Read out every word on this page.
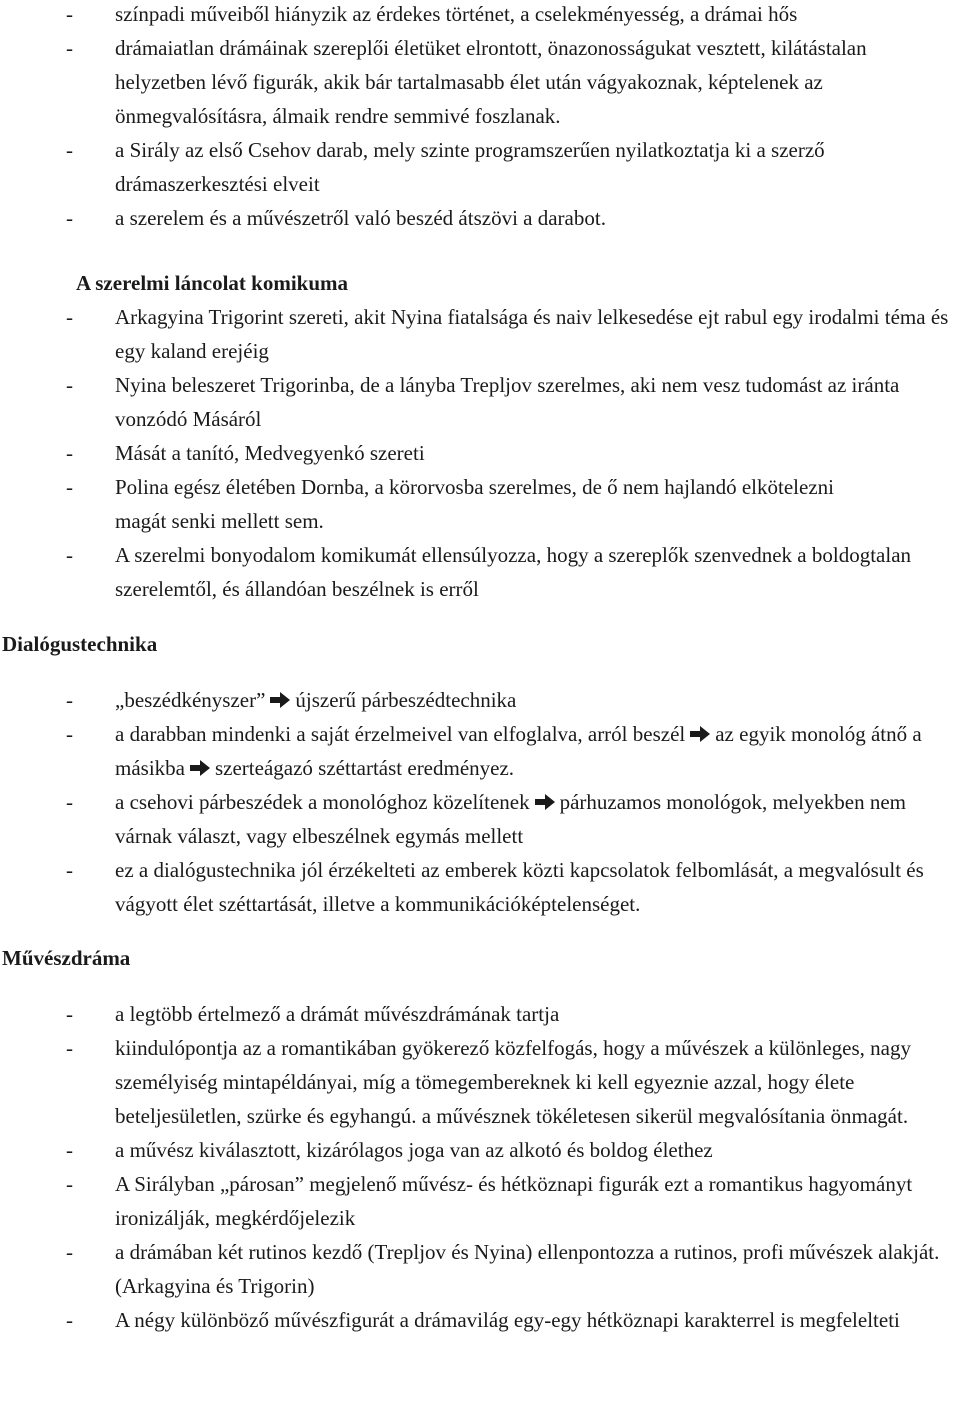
- színpadi műveiből hiányzik az érdekes történet, a cselekményesség, a drámai hős

- drámaiatlan drámáinak szereplői életüket elrontott, önazonosságukat vesztett, kilátástalan helyzetben lévő figurák, akik bár tartalmasabb élet után vágyakoznak, képtelenek az önmegvalósításra, álmaik rendre semmivé foszlanak.

- a Sirály az első Csehov darab, mely szinte programszerűen nyilatkoztatja ki a szerző drámaszerkesztési elveit

- a szerelem és a művészetről való beszéd átszövi a darabot.

A szerelmi láncolat komikuma

- Arkagyina Trigorint szereti, akit Nyina fiatalsága és naiv lelkesedése ejt rabul egy irodalmi téma és egy kaland erejéig

- Nyina beleszeret Trigorinba, de a lányba Trepljov szerelmes, aki nem vesz tudomást az iránta vonzódó Másáról

- Mását a tanító, Medvegyenkó szereti

- Polina egész életében Dornba, a körorvosba szerelmes, de ő nem hajlandó elkötelezni magát senki mellett sem.

- A szerelmi bonyodalom komikumát ellensúlyozza, hogy a szereplők szenvednek a boldogtalan szerelemtől, és állandóan beszélnek is erről

Dialógustechnika

- „beszédkényszer” újszerű párbeszédtechnika

- a darabban mindenki a saját érzelmeivel van elfoglalva, arról beszél az egyik monológ átnő a másikba szerteágazó széttartást eredményez.

- a csehovi párbeszédek a monológhoz közelítenek párhuzamos monológok, melyekben nem várnak választ, vagy elbeszélnek egymás mellett

- ez a dialógustechnika jól érzékelteti az emberek közti kapcsolatok felbomlását, a megvalósult és vágyott élet széttartását, illetve a kommunikációképtelenséget.

Művészdráma

- a legtöbb értelmező a drámát művészdrámának tartja

- kiindulópontja az a romantikában gyökerező közfelfogás, hogy a művészek a különleges, nagy személyiség mintapéldányai, míg a tömegembereknek ki kell egyeznie azzal, hogy élete beteljesületlen, szürke és egyhangú. a művésznek tökéletesen sikerül megvalósítania önmagát.

- a művész kiválasztott, kizárólagos joga van az alkotó és boldog élethez

- A Sirályban „párosan” megjelenő művész- és hétköznapi figurák ezt a romantikus hagyományt ironizálják, megkérdőjelezik

- a drámában két rutinos kezdő (Trepljov és Nyina) ellenpontozza a rutinos, profi művészek alakját. (Arkagyina és Trigorin)

- A négy különböző művészfigurát a drámavilág egy-egy hétköznapi karakterrel is megfelelteti
